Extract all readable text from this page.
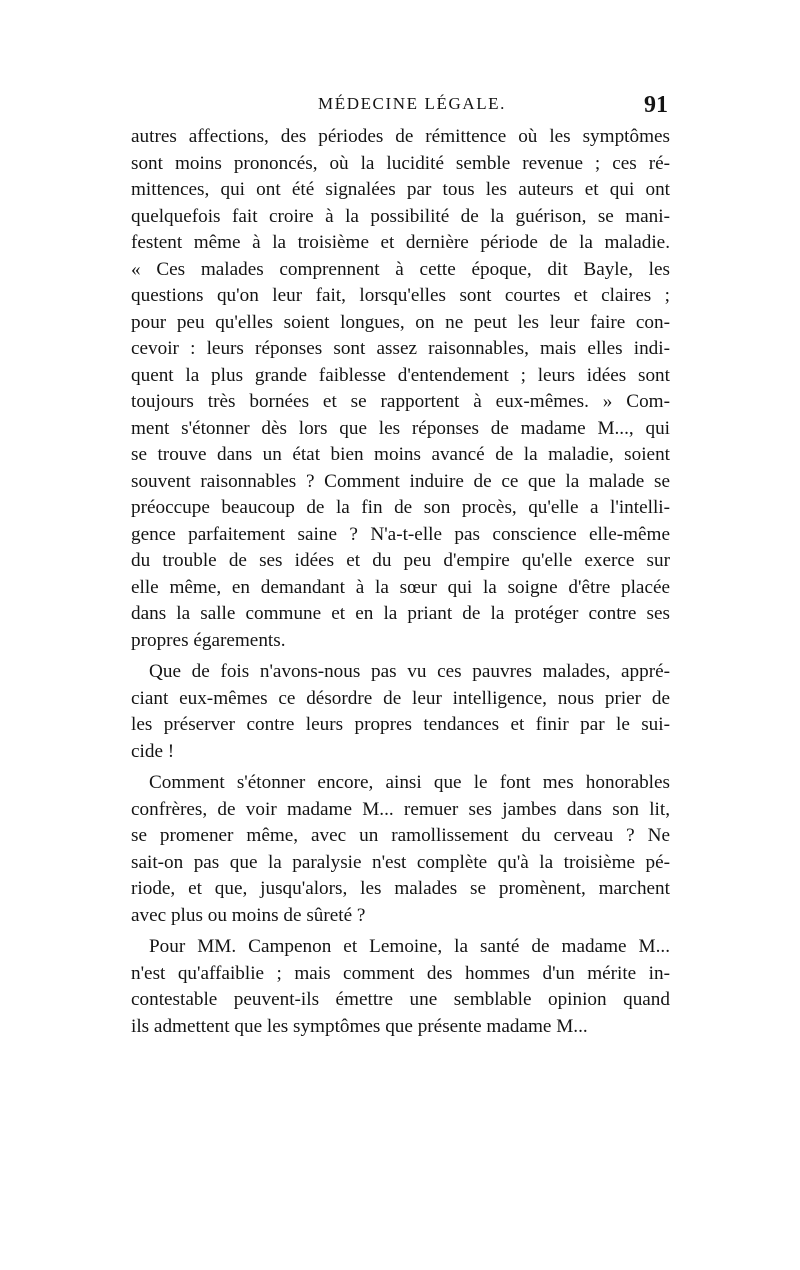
MÉDECINE LÉGALE.	91
autres affections, des périodes de rémittence où les symptômes
sont moins prononcés, où la lucidité semble revenue ; ces ré-
mittences, qui ont été signalées par tous les auteurs et qui ont
quelquefois fait croire à la possibilité de la guérison, se mani-
festent même à la troisième et dernière période de la maladie.
« Ces malades comprennent à cette époque, dit Bayle, les
questions qu'on leur fait, lorsqu'elles sont courtes et claires ;
pour peu qu'elles soient longues, on ne peut les leur faire con-
cevoir : leurs réponses sont assez raisonnables, mais elles indi-
quent la plus grande faiblesse d'entendement ; leurs idées sont
toujours très bornées et se rapportent à eux-mêmes. » Com-
ment s'étonner dès lors que les réponses de madame M..., qui
se trouve dans un état bien moins avancé de la maladie, soient
souvent raisonnables ? Comment induire de ce que la malade se
préoccupe beaucoup de la fin de son procès, qu'elle a l'intelli-
gence parfaitement saine ? N'a-t-elle pas conscience elle-même
du trouble de ses idées et du peu d'empire qu'elle exerce sur
elle même, en demandant à la sœur qui la soigne d'être placée
dans la salle commune et en la priant de la protéger contre ses
propres égarements.
Que de fois n'avons-nous pas vu ces pauvres malades, appré-
ciant eux-mêmes ce désordre de leur intelligence, nous prier de
les préserver contre leurs propres tendances et finir par le sui-
cide !
Comment s'étonner encore, ainsi que le font mes honorables
confrères, de voir madame M... remuer ses jambes dans son lit,
se promener même, avec un ramollissement du cerveau ? Ne
sait-on pas que la paralysie n'est complète qu'à la troisième pé-
riode, et que, jusqu'alors, les malades se promènent, marchent
avec plus ou moins de sûreté ?
Pour MM. Campenon et Lemoine, la santé de madame M...
n'est qu'affaiblie ; mais comment des hommes d'un mérite in-
contestable peuvent-ils émettre une semblable opinion quand
ils admettent que les symptômes que présente madame M...
